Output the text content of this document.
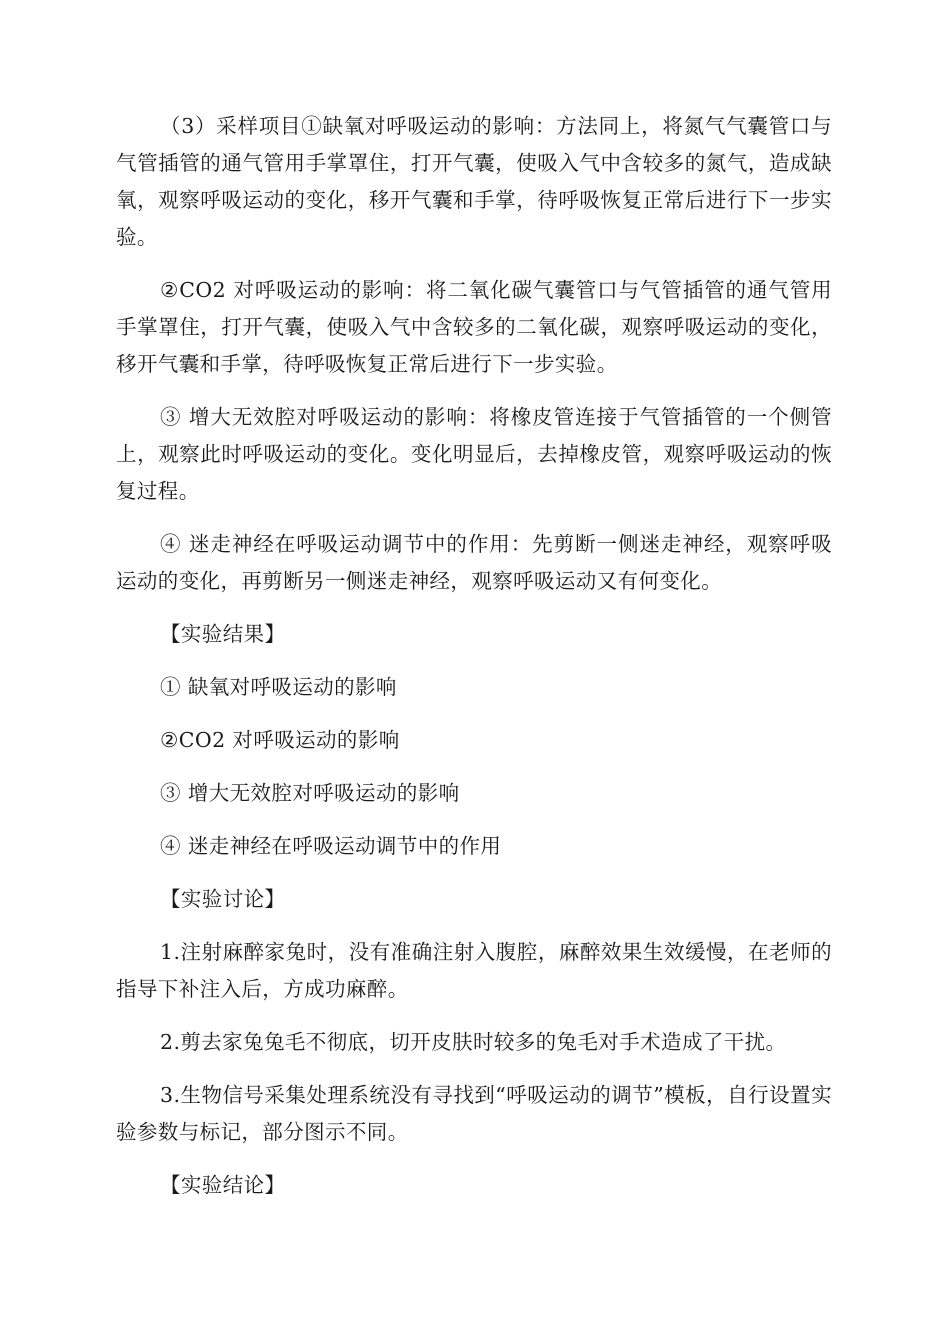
（3）采样项目①缺氧对呼吸运动的影响：方法同上，将氮气气囊管口与气管插管的通气管用手掌罩住，打开气囊，使吸入气中含较多的氮气，造成缺氧，观察呼吸运动的变化，移开气囊和手掌，待呼吸恢复正常后进行下一步实验。

②CO2 对呼吸运动的影响：将二氧化碳气囊管口与气管插管的通气管用手掌罩住，打开气囊，使吸入气中含较多的二氧化碳，观察呼吸运动的变化，移开气囊和手掌，待呼吸恢复正常后进行下一步实验。

③ 增大无效腔对呼吸运动的影响：将橡皮管连接于气管插管的一个侧管上，观察此时呼吸运动的变化。变化明显后，去掉橡皮管，观察呼吸运动的恢复过程。

④ 迷走神经在呼吸运动调节中的作用：先剪断一侧迷走神经，观察呼吸运动的变化，再剪断另一侧迷走神经，观察呼吸运动又有何变化。

【实验结果】

① 缺氧对呼吸运动的影响

②CO2 对呼吸运动的影响

③ 增大无效腔对呼吸运动的影响

④ 迷走神经在呼吸运动调节中的作用

【实验讨论】

1.注射麻醉家兔时，没有准确注射入腹腔，麻醉效果生效缓慢，在老师的指导下补注入后，方成功麻醉。

2.剪去家兔兔毛不彻底，切开皮肤时较多的兔毛对手术造成了干扰。

3.生物信号采集处理系统没有寻找到“呼吸运动的调节”模板，自行设置实验参数与标记，部分图示不同。

【实验结论】
